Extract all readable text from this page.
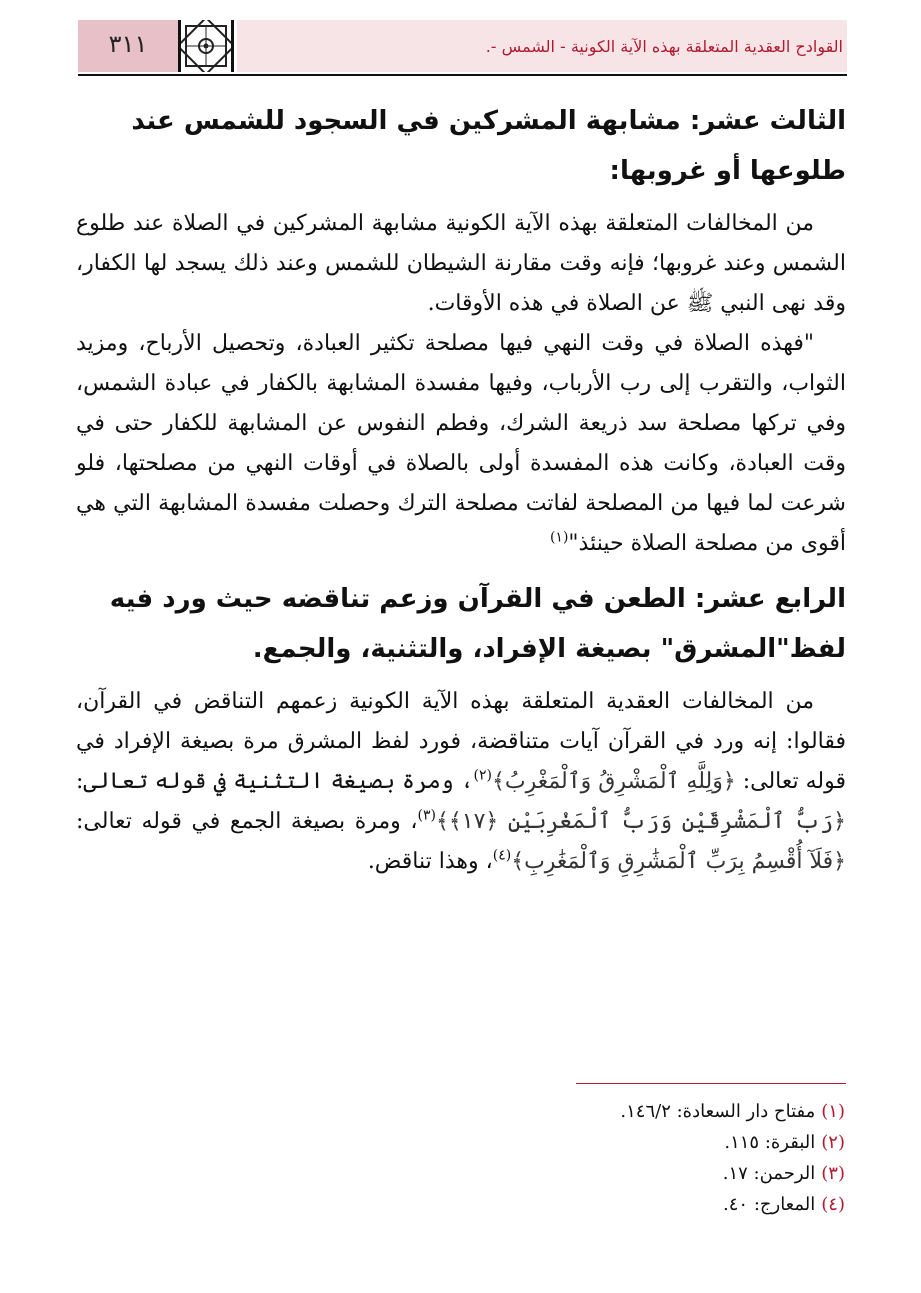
٣١١	القوادح العقدية المتعلقة بهذه الآية الكونية - الشمس -.
الثالث عشر: مشابهة المشركين في السجود للشمس عند طلوعها أو غروبها:

من المخالفات المتعلقة بهذه الآية الكونية مشابهة المشركين في الصلاة عند طلوع الشمس وعند غروبها؛ فإنه وقت مقارنة الشيطان للشمس وعند ذلك يسجد لها الكفار، وقد نهى النبي ﷺ عن الصلاة في هذه الأوقات.

"فهذه الصلاة في وقت النهي فيها مصلحة تكثير العبادة، وتحصيل الأرباح، ومزيد الثواب، والتقرب إلى رب الأرباب، وفيها مفسدة المشابهة بالكفار في عبادة الشمس، وفي تركها مصلحة سد ذريعة الشرك، وفطم النفوس عن المشابهة للكفار حتى في وقت العبادة، وكانت هذه المفسدة أولى بالصلاة في أوقات النهي من مصلحتها، فلو شرعت لما فيها من المصلحة لفاتت مصلحة الترك وحصلت مفسدة المشابهة التي هي أقوى من مصلحة الصلاة حينئذ"$^{(١)}$

الرابع عشر: الطعن في القرآن وزعم تناقضه حيث ورد فيه لفظ"المشرق" بصيغة الإفراد، والتثنية، والجمع.

من المخالفات العقدية المتعلقة بهذه الآية الكونية زعمهم التناقض في القرآن، فقالوا: إنه ورد في القرآن آيات متناقضة، فورد لفظ المشرق مرة بصيغة الإفراد في قوله تعالى: ﴿وَلِلَّهِ ٱلْمَشْرِقُ وَٱلْمَغْرِبُ﴾$^{(٢)}$، ومرة بصيغة التثنية في قوله تعالى: ﴿رَبُّ ٱلْمَشْرِقَيْنِ وَرَبُّ ٱلْمَغْرِبَيْنِ ﴿١٧﴾﴾$^{(٣)}$، ومرة بصيغة الجمع في قوله تعالى: ﴿فَلَآ أُقْسِمُ بِرَبِّ ٱلْمَشَٰرِقِ وَٱلْمَغَٰرِبِ﴾$^{(٤)}$، وهذا تناقض.

(١)مفتاح دار السعادة: ١٤٦/٢.
(٢)البقرة: ١١٥.
(٣)الرحمن: ١٧.
(٤)المعارج: ٤٠.
